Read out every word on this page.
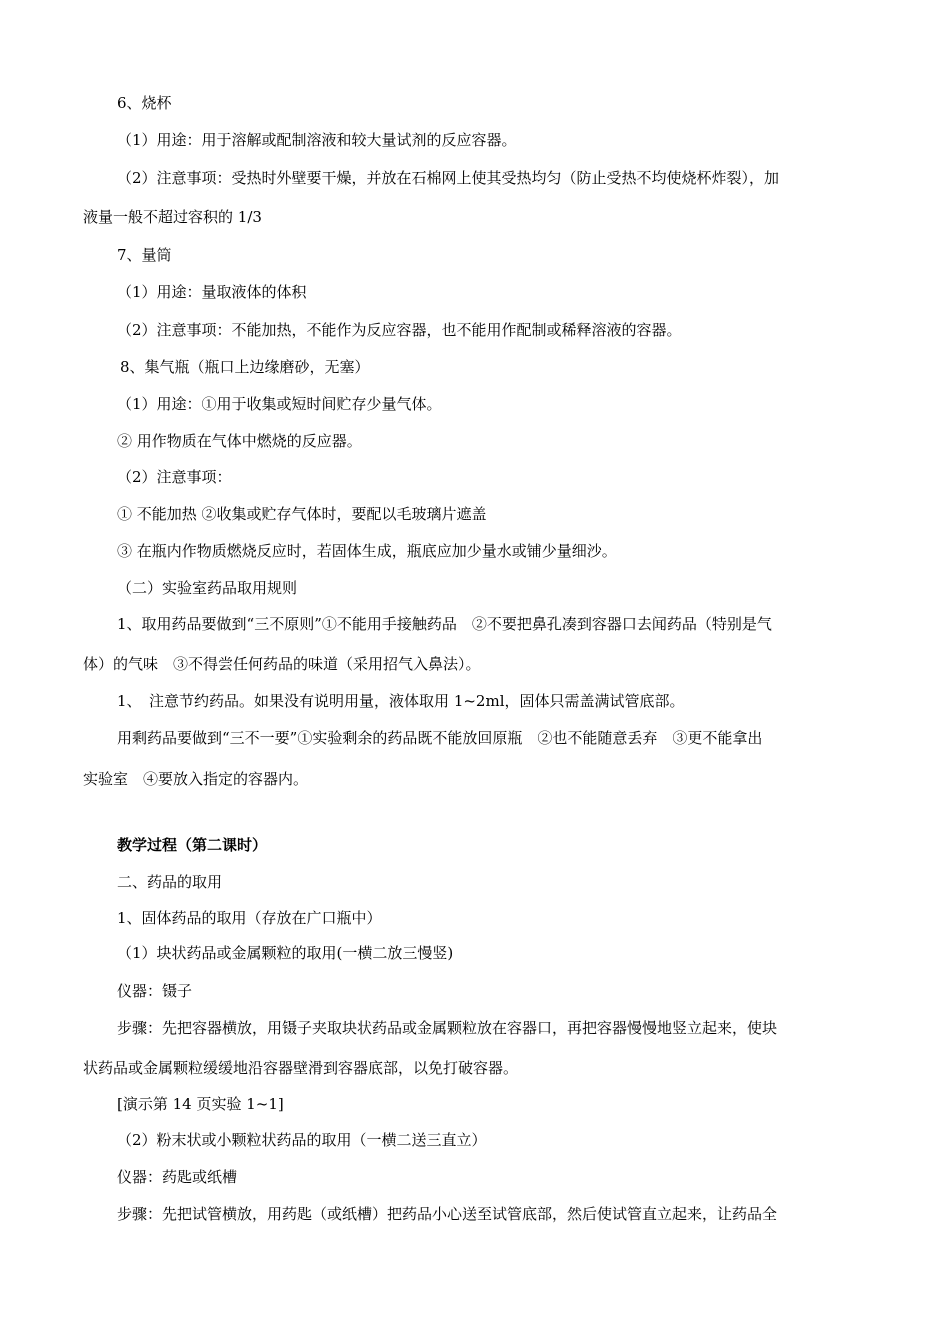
6、烧杯
（1）用途：用于溶解或配制溶液和较大量试剂的反应容器。
（2）注意事项：受热时外壁要干燥，并放在石棉网上使其受热均匀（防止受热不均使烧杯炸裂），加
液量一般不超过容积的 1/3
7、量筒
（1）用途：量取液体的体积
（2）注意事项：不能加热，不能作为反应容器，也不能用作配制或稀释溶液的容器。
8、集气瓶（瓶口上边缘磨砂，无塞）
（1）用途：①用于收集或短时间贮存少量气体。
② 用作物质在气体中燃烧的反应器。
（2）注意事项：
① 不能加热 ②收集或贮存气体时，要配以毛玻璃片遮盖
③ 在瓶内作物质燃烧反应时，若固体生成，瓶底应加少量水或铺少量细沙。
（二）实验室药品取用规则
1、取用药品要做到“三不原则”①不能用手接触药品　②不要把鼻孔凑到容器口去闻药品（特别是气
体）的气味　③不得尝任何药品的味道（采用招气入鼻法）。
1、　注意节约药品。如果没有说明用量，液体取用 1~2ml，固体只需盖满试管底部。
用剩药品要做到“三不一要”①实验剩余的药品既不能放回原瓶　②也不能随意丢弃　③更不能拿出
实验室　④要放入指定的容器内。
教学过程（第二课时）
二、药品的取用
1、固体药品的取用（存放在广口瓶中）
（1）块状药品或金属颗粒的取用(一横二放三慢竖)
仪器：镊子
步骤：先把容器横放，用镊子夹取块状药品或金属颗粒放在容器口，再把容器慢慢地竖立起来，使块
状药品或金属颗粒缓缓地沿容器壁滑到容器底部，以免打破容器。
[演示第 14 页实验 1~1]
（2）粉末状或小颗粒状药品的取用（一横二送三直立）
仪器：药匙或纸槽
步骤：先把试管横放，用药匙（或纸槽）把药品小心送至试管底部，然后使试管直立起来，让药品全
